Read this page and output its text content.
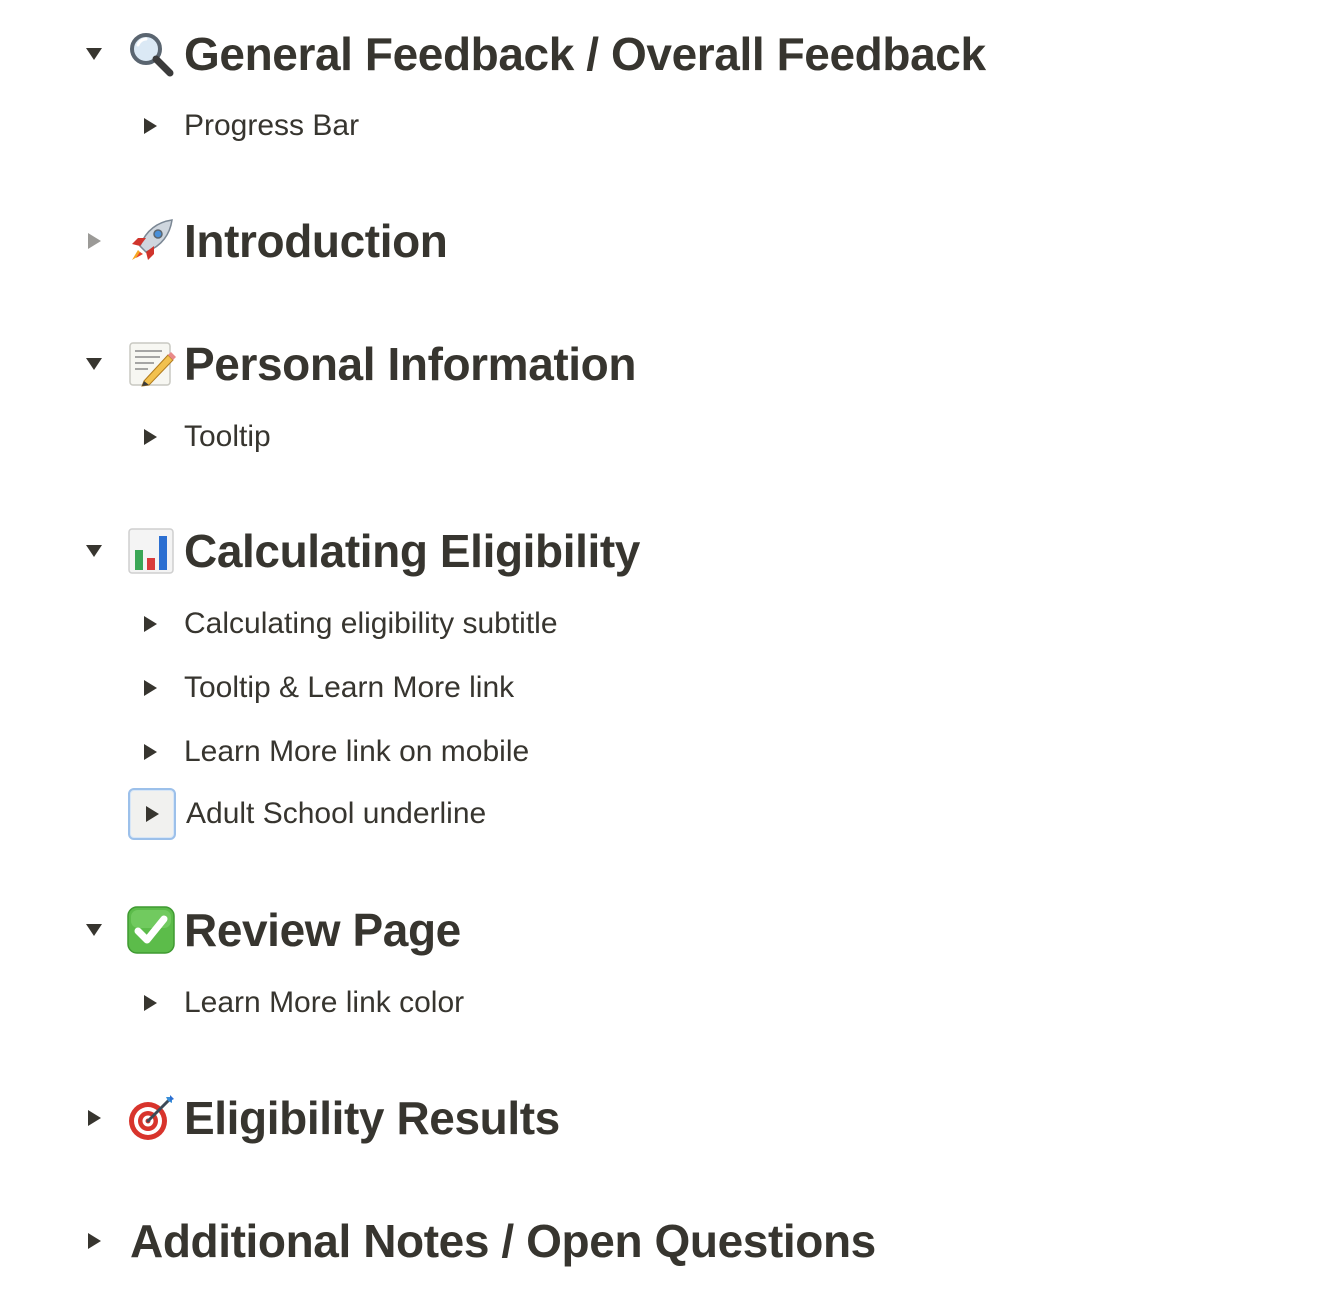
General Feedback / Overall Feedback
Progress Bar
Introduction
Personal Information
Tooltip
Calculating Eligibility
Calculating eligibility subtitle
Tooltip & Learn More link
Learn More link on mobile
Adult School underline
Review Page
Learn More link color
Eligibility Results
Additional Notes / Open Questions
